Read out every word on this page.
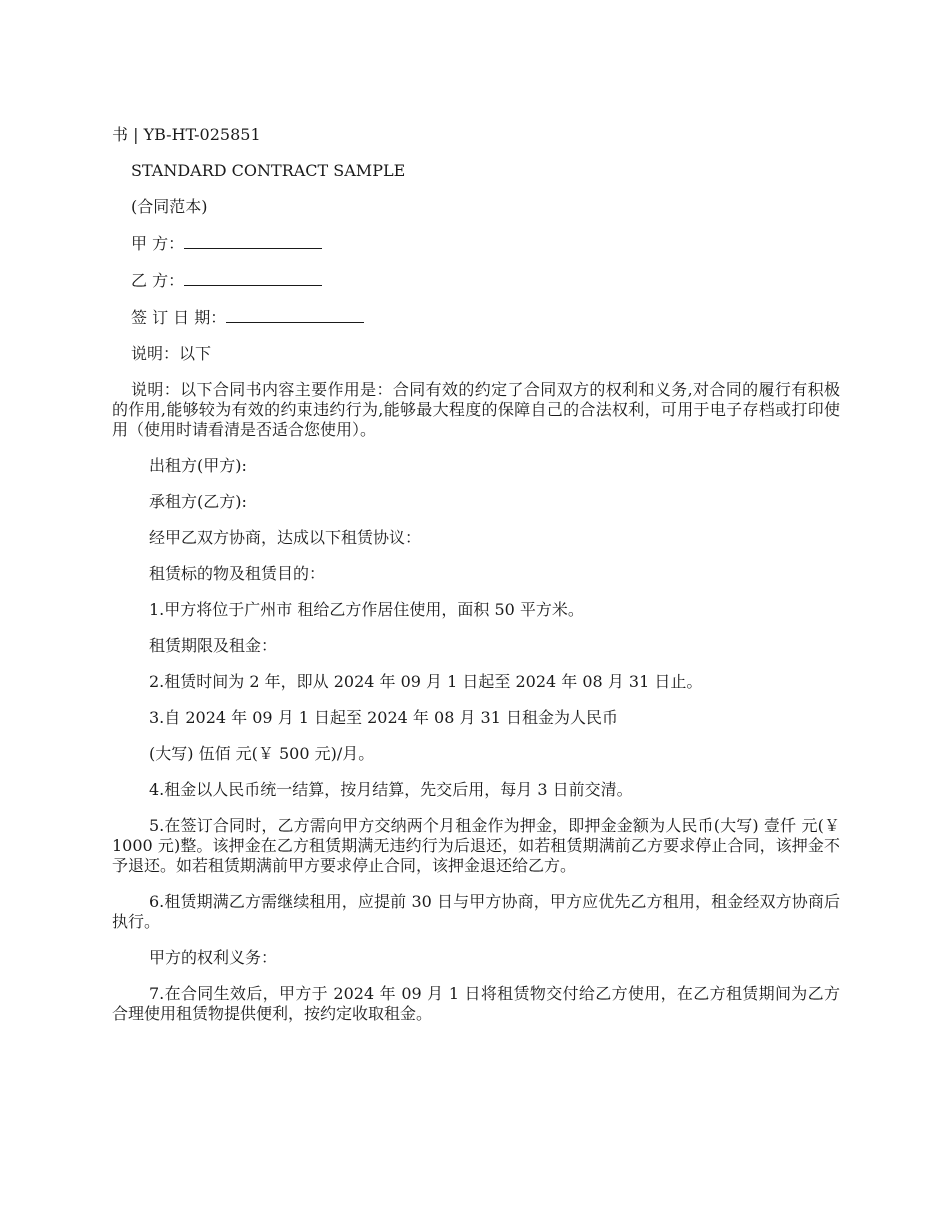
书 | YB-HT-025851
STANDARD CONTRACT SAMPLE
(合同范本)
甲 方：
乙 方：
签 订 日 期：
说明：以下
说明：以下合同书内容主要作用是：合同有效的约定了合同双方的权利和义务,对合同的履行有积极的作用,能够较为有效的约束违约行为,能够最大程度的保障自己的合法权利，可用于电子存档或打印使用（使用时请看清是否适合您使用）。
出租方(甲方):
承租方(乙方):
经甲乙双方协商，达成以下租赁协议：
租赁标的物及租赁目的：
1.甲方将位于广州市 租给乙方作居住使用，面积 50 平方米。
租赁期限及租金：
2.租赁时间为 2 年，即从 2024 年 09 月 1 日起至 2024 年 08 月 31 日止。
3.自 2024 年 09 月 1 日起至 2024 年 08 月 31 日租金为人民币
(大写) 伍佰 元(￥ 500 元)/月。
4.租金以人民币统一结算，按月结算，先交后用，每月 3 日前交清。
5.在签订合同时，乙方需向甲方交纳两个月租金作为押金，即押金金额为人民币(大写) 壹仟 元(￥ 1000 元)整。该押金在乙方租赁期满无违约行为后退还，如若租赁期满前乙方要求停止合同，该押金不予退还。如若租赁期满前甲方要求停止合同，该押金退还给乙方。
6.租赁期满乙方需继续租用，应提前 30 日与甲方协商，甲方应优先乙方租用，租金经双方协商后执行。
甲方的权利义务：
7.在合同生效后，甲方于 2024 年 09 月 1 日将租赁物交付给乙方使用，在乙方租赁期间为乙方合理使用租赁物提供便利，按约定收取租金。
